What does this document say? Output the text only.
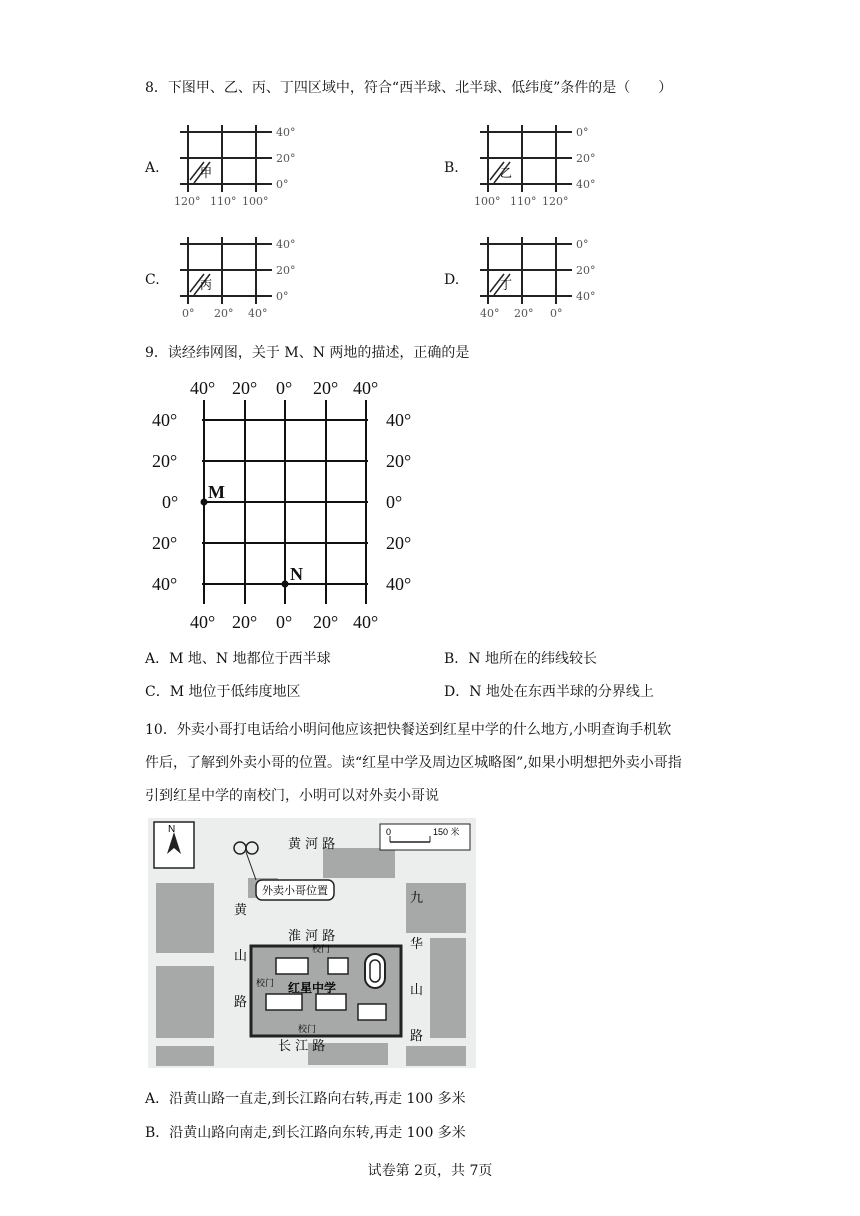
8．下图甲、乙、丙、丁四区域中，符合“西半球、北半球、低纬度”条件的是（　　）
A.	甲
40°
20°
0°
120° 110° 100°
B.	乙
0°
20°
40°
100° 110° 120°
C.	丙
40°
20°
0°
0° 20° 40°
D.	丁
0°
20°
40°
40° 20° 0°
9．读经纬网图，关于 M、N 两地的描述，正确的是
40° 20° 0° 20° 40°
40° 20° 0° 20° 40°
40°
20°
0°
20°
40°
40°
20°
0°
20°
40°
M
N
A．M 地、N 地都位于西半球	B．N 地所在的纬线较长
C．M 地位于低纬度地区	D．N 地处在东西半球的分界线上
10．外卖小哥打电话给小明问他应该把快餐送到红星中学的什么地方,小明查询手机软
件后，了解到外卖小哥的位置。读“红星中学及周边区城略图”,如果小明想把外卖小哥指
引到红星中学的南校门，小明可以对外卖小哥说
N	0	150 米
黄 河 路
淮 河 路
长 江 路
黄
山
路
九
华
山
路
外卖小哥位置
红星中学
校门
校门
校门
A．沿黄山路一直走,到长江路向右转,再走 100 多米
B．沿黄山路向南走,到长江路向东转,再走 100 多米
试卷第 2页，共 7页
